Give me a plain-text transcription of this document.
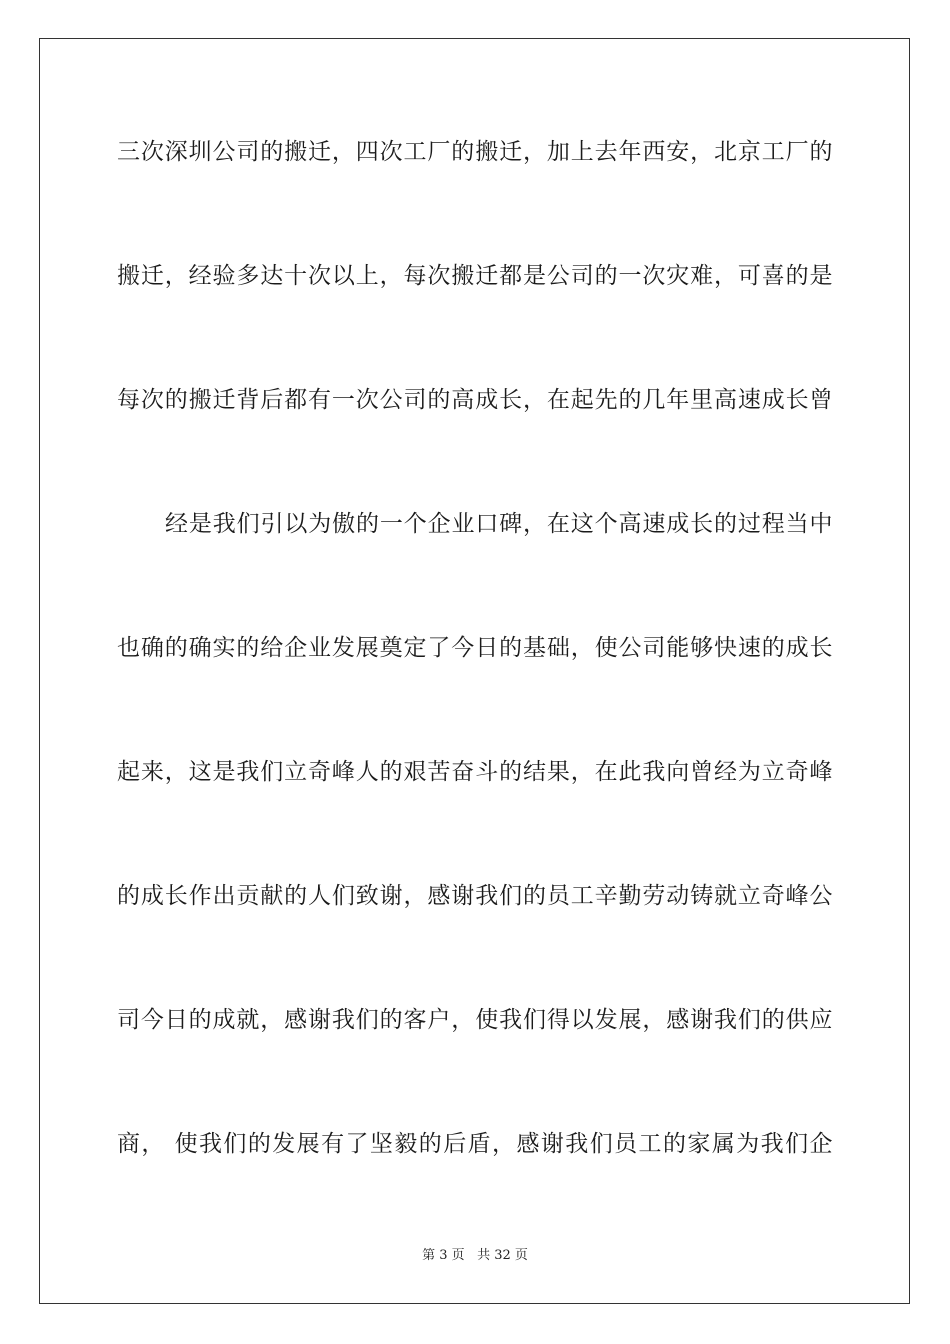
三次深圳公司的搬迁，四次工厂的搬迁，加上去年西安，北京工厂的
搬迁，经验多达十次以上，每次搬迁都是公司的一次灾难，可喜的是
每次的搬迁背后都有一次公司的高成长，在起先的几年里高速成长曾
经是我们引以为傲的一个企业口碑，在这个高速成长的过程当中
也确的确实的给企业发展奠定了今日的基础，使公司能够快速的成长
起来，这是我们立奇峰人的艰苦奋斗的结果，在此我向曾经为立奇峰
的成长作出贡献的人们致谢，感谢我们的员工辛勤劳动铸就立奇峰公
司今日的成就，感谢我们的客户，使我们得以发展，感谢我们的供应
商， 使我们的发展有了坚毅的后盾，感谢我们员工的家属为我们企
第 3 页 共 32 页
